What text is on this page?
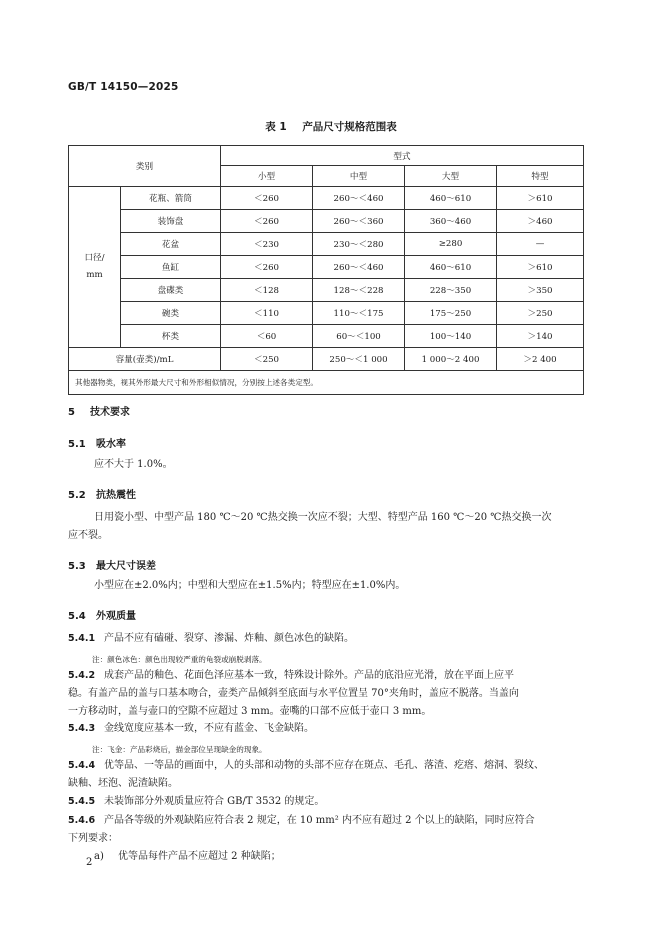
GB/T 14150—2025
表 1 产品尺寸规格范围表
类别		型式			
		小型	中型	大型	特型

口径/
mm	花瓶、箭筒	＜260	260～＜460	460～610	＞610
	装饰盘	＜260	260～＜360	360～460	＞460
	花盆	＜230	230～＜280	≥280	—
	鱼缸	＜260	260～＜460	460～610	＞610
	盘碟类	＜128	128～＜228	228～350	＞350
	碗类	＜110	110～＜175	175～250	＞250
	杯类	＜60	60～＜100	100～140	＞140
容量(壶类)/mL		＜250	250～＜1 000	1 000～2 400	＞2 400
其他器物类，视其外形最大尺寸和外形相似情况，分别按上述各类定型。					
5 技术要求
5.1 吸水率
应不大于 1.0%。
5.2 抗热震性
日用瓷小型、中型产品 180 ℃～20 ℃热交换一次应不裂；大型、特型产品 160 ℃～20 ℃热交换一次
应不裂。
5.3 最大尺寸误差
小型应在±2.0%内；中型和大型应在±1.5%内；特型应在±1.0%内。
5.4 外观质量
5.4.1 产品不应有磕碰、裂穿、渗漏、炸釉、颜色冰色的缺陷。
注：颜色冰色：颜色出现较严重的龟裂或崩脱剥落。
5.4.2 成套产品的釉色、花面色泽应基本一致，特殊设计除外。产品的底沿应光滑，放在平面上应平
稳。有盖产品的盖与口基本吻合，壶类产品倾斜至底面与水平位置呈 70°夹角时，盖应不脱落。当盖向
一方移动时，盖与壶口的空隙不应超过 3 mm。壶嘴的口部不应低于壶口 3 mm。
5.4.3 金线宽度应基本一致，不应有蓝金、飞金缺陷。
注：飞金：产品彩烧后，描金部位呈现缺金的现象。
5.4.4 优等品、一等品的画面中，人的头部和动物的头部不应存在斑点、毛孔、落渣、疙瘩、熔洞、裂纹、
缺釉、坯泡、泥渣缺陷。
5.4.5 未装饰部分外观质量应符合 GB/T 3532 的规定。
5.4.6 产品各等级的外观缺陷应符合表 2 规定，在 10 mm² 内不应有超过 2 个以上的缺陷，同时应符合
下列要求：
a) 优等品每件产品不应超过 2 种缺陷；
2
